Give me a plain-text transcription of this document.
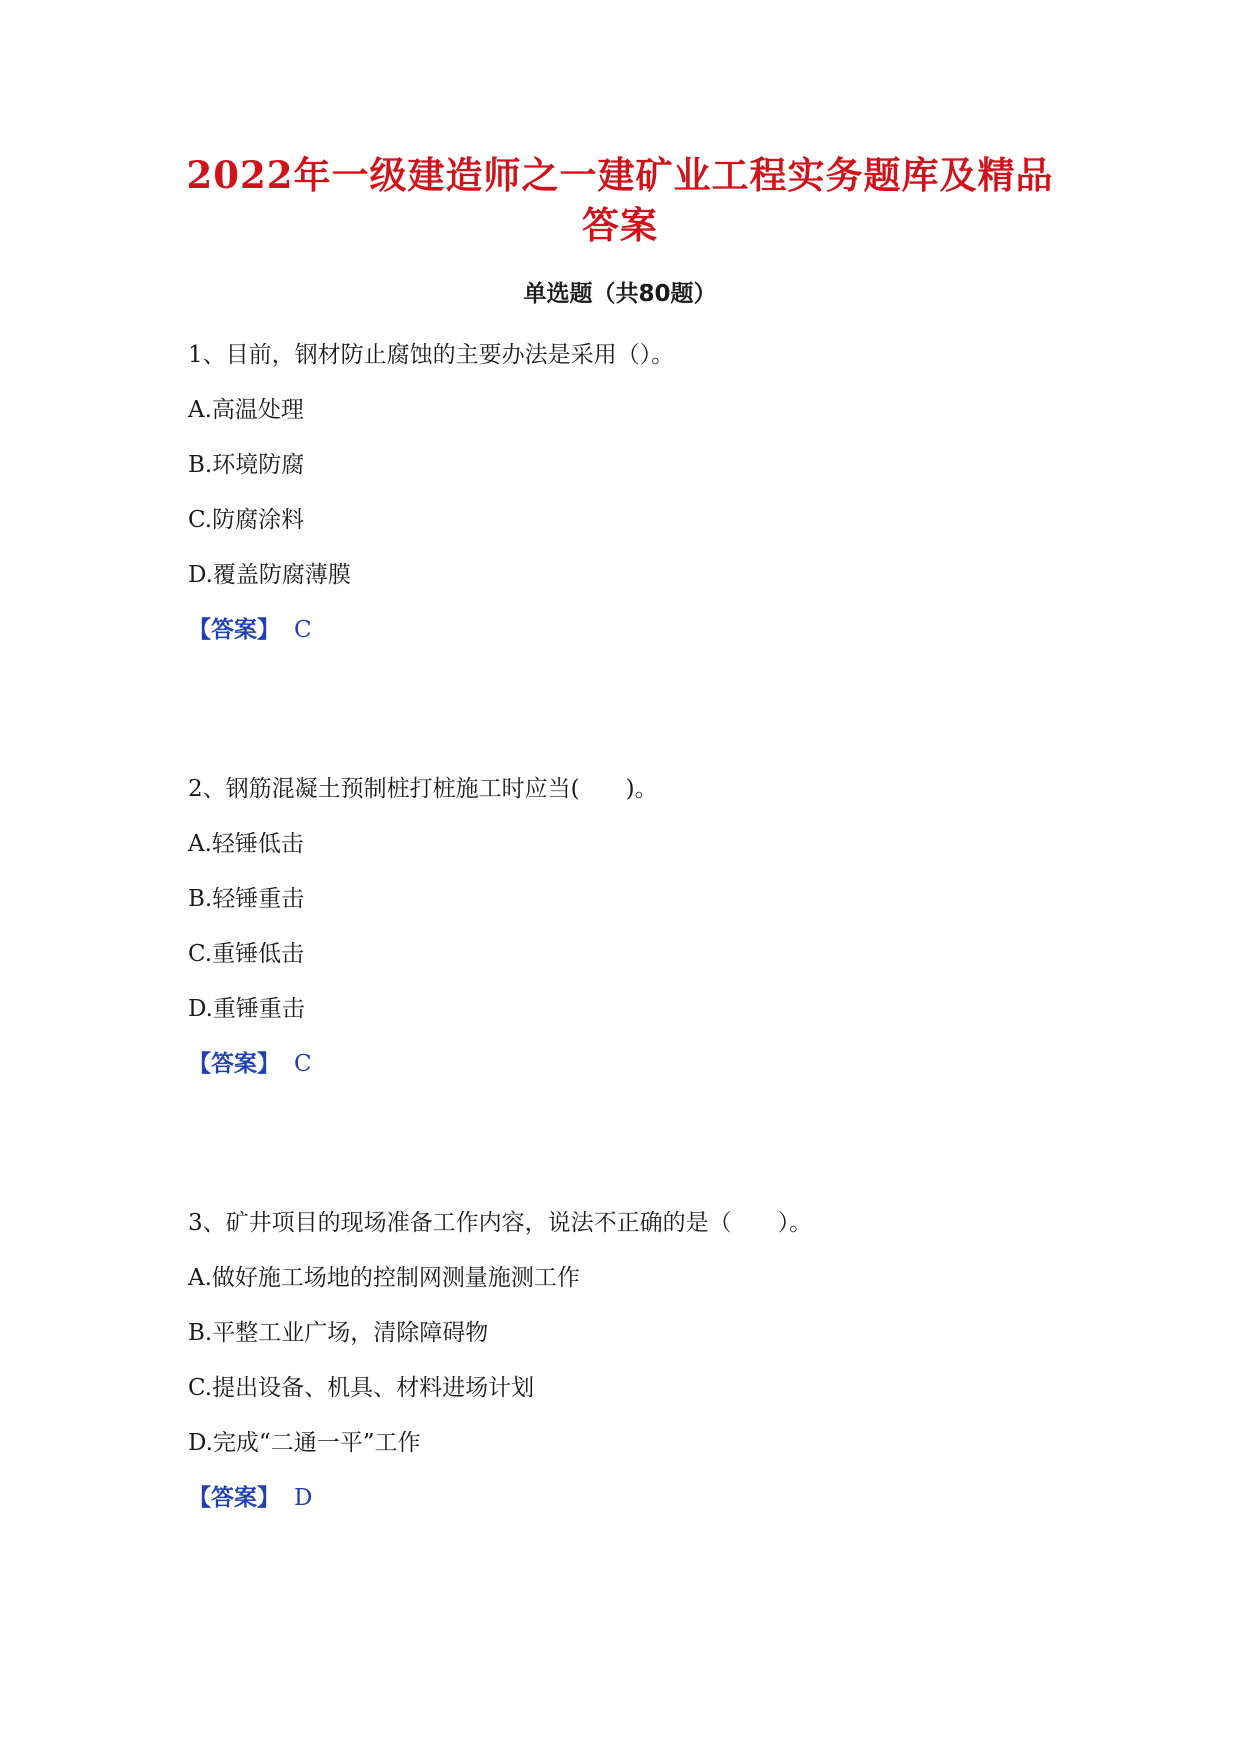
2022年一级建造师之一建矿业工程实务题库及精品
答案
单选题（共80题）
1、目前，钢材防止腐蚀的主要办法是采用（）。
A.高温处理
B.环境防腐
C.防腐涂料
D.覆盖防腐薄膜
【答案】 C
2、钢筋混凝土预制桩打桩施工时应当(　　)。
A.轻锤低击
B.轻锤重击
C.重锤低击
D.重锤重击
【答案】 C
3、矿井项目的现场准备工作内容，说法不正确的是（　　）。
A.做好施工场地的控制网测量施测工作
B.平整工业广场，清除障碍物
C.提出设备、机具、材料进场计划
D.完成“二通一平”工作
【答案】 D
